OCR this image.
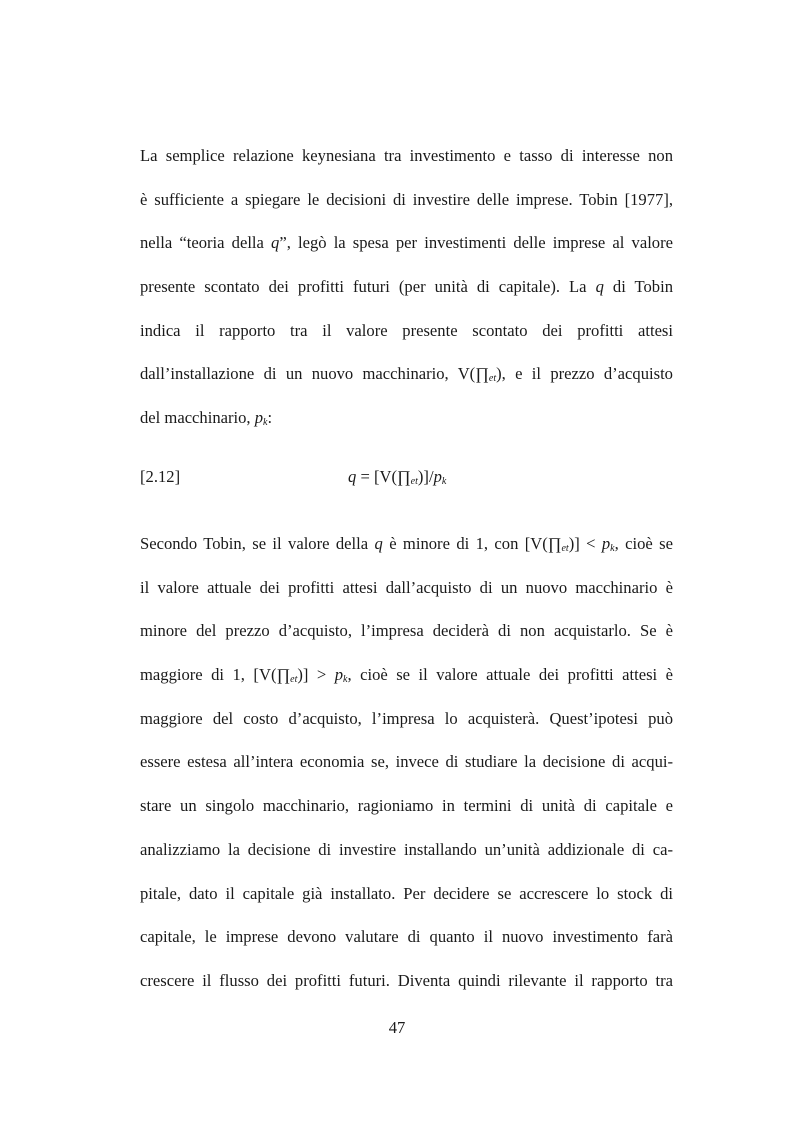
La semplice relazione keynesiana tra investimento e tasso di interesse non
è sufficiente a spiegare le decisioni di investire delle imprese. Tobin [1977],
nella “teoria della q”, legò la spesa per investimenti delle imprese al valore
presente scontato dei profitti futuri (per unità di capitale). La q di Tobin
indica il rapporto tra il valore presente scontato dei profitti attesi
dall’installazione di un nuovo macchinario, $V(\prod_{et})$, e il prezzo d’acquisto
del macchinario, $p_k$:
[2.12]	$q = [V(\prod_{et})]/p_k$
Secondo Tobin, se il valore della q è minore di 1, con $[V(\prod_{et})] < p_k$, cioè se
il valore attuale dei profitti attesi dall’acquisto di un nuovo macchinario è
minore del prezzo d’acquisto, l’impresa deciderà di non acquistarlo. Se è
maggiore di 1, $[V(\prod_{et})] > p_k$, cioè se il valore attuale dei profitti attesi è
maggiore del costo d’acquisto, l’impresa lo acquisterà. Quest’ipotesi può
essere estesa all’intera economia se, invece di studiare la decisione di acqui-
stare un singolo macchinario, ragioniamo in termini di unità di capitale e
analizziamo la decisione di investire installando un’unità addizionale di ca-
pitale, dato il capitale già installato. Per decidere se accrescere lo stock di
capitale, le imprese devono valutare di quanto il nuovo investimento farà
crescere il flusso dei profitti futuri. Diventa quindi rilevante il rapporto tra
47
